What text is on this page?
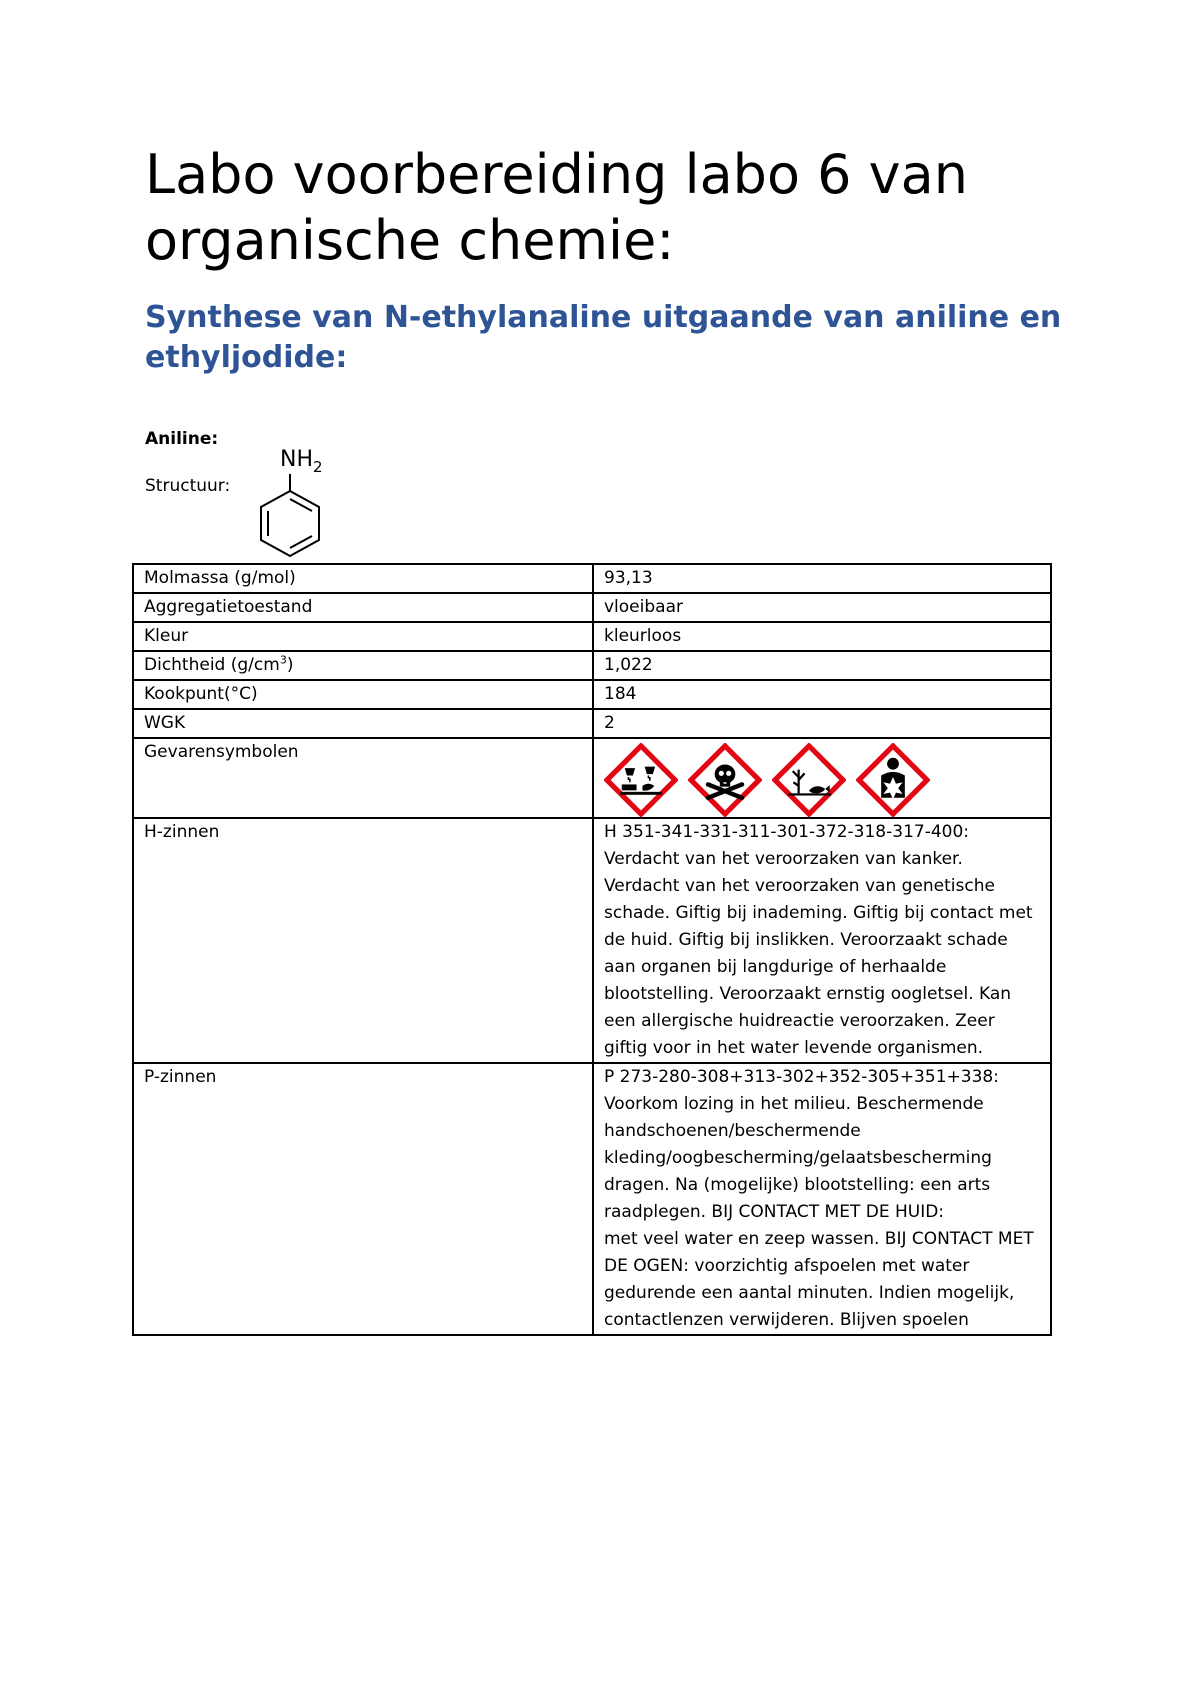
Labo voorbereiding labo 6 van organische chemie:
Synthese van N-ethylanaline uitgaande van aniline en ethyljodide:
Aniline:
Structuur:
$NH_2$
Molmassa (g/mol)	93,13
Aggregatietoestand	vloeibaar
Kleur	kleurloos
Dichtheid $(g/cm^3)$	1,022
Kookpunt(°C)	184
WGK	2
Gevarensymbolen	

H-zinnen	H 351-341-331-311-301-372-318-317-400: Verdacht van het veroorzaken van kanker. Verdacht van het veroorzaken van genetische schade. Giftig bij inademing. Giftig bij contact met de huid. Giftig bij inslikken. Veroorzaakt schade aan organen bij langdurige of herhaalde blootstelling. Veroorzaakt ernstig oogletsel. Kan een allergische huidreactie veroorzaken. Zeer giftig voor in het water levende organismen.
P-zinnen	P 273-280-308+313-302+352-305+351+338: Voorkom lozing in het milieu. Beschermende handschoenen/beschermende kleding/oogbescherming/gelaatsbescherming dragen. Na (mogelijke) blootstelling: een arts raadplegen. BIJ CONTACT MET DE HUID:
met veel water en zeep wassen. BIJ CONTACT MET DE OGEN: voorzichtig afspoelen met water gedurende een aantal minuten. Indien mogelijk, contactlenzen verwijderen. Blijven spoelen
